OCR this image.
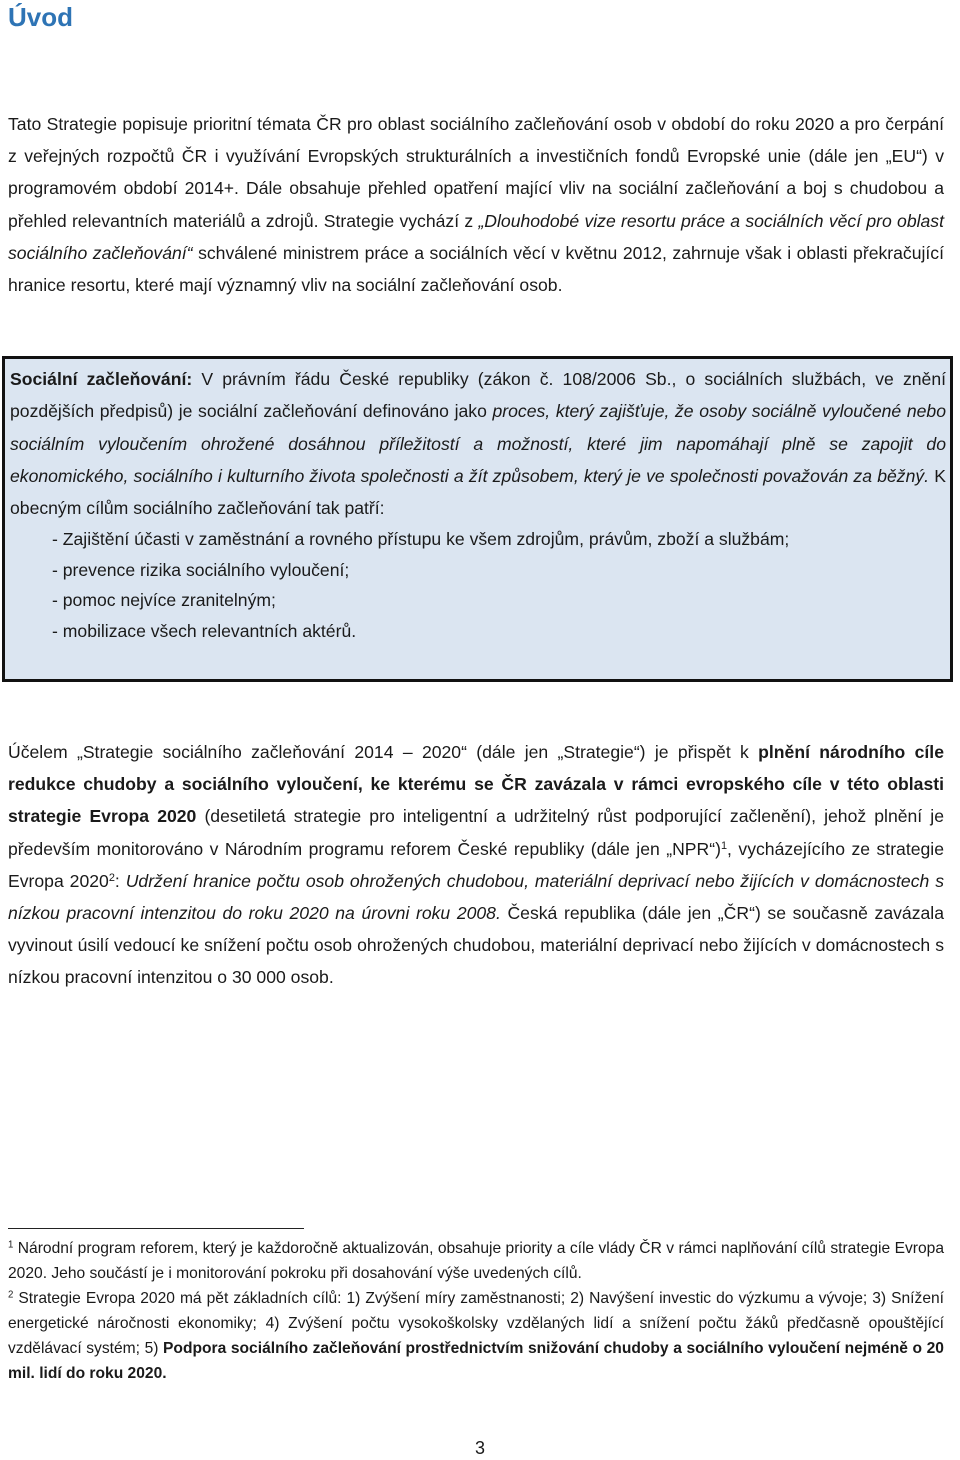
Úvod

Tato Strategie popisuje prioritní témata ČR pro oblast sociálního začleňování osob v období do roku 2020 a pro čerpání z veřejných rozpočtů ČR i využívání Evropských strukturálních a investičních fondů Evropské unie (dále jen „EU“) v programovém období 2014+. Dále obsahuje přehled opatření mající vliv na sociální začleňování a boj s chudobou a přehled relevantních materiálů a zdrojů. Strategie vychází z „Dlouhodobé vize resortu práce a sociálních věcí pro oblast sociálního začleňování“ schválené ministrem práce a sociálních věcí v květnu 2012, zahrnuje však i oblasti překračující hranice resortu, které mají významný vliv na sociální začleňování osob.

Sociální začleňování: V právním řádu České republiky (zákon č. 108/2006 Sb., o sociálních službách, ve znění pozdějších předpisů) je sociální začleňování definováno jako proces, který zajišťuje, že osoby sociálně vyloučené nebo sociálním vyloučením ohrožené dosáhnou příležitostí a možností, které jim napomáhají plně se zapojit do ekonomického, sociálního i kulturního života společnosti a žít způsobem, který je ve společnosti považován za běžný. K obecným cílům sociálního začleňování tak patří:

- Zajištění účasti v zaměstnání a rovného přístupu ke všem zdrojům, právům, zboží a službám;
- prevence rizika sociálního vyloučení;
- pomoc nejvíce zranitelným;
- mobilizace všech relevantních aktérů.

Účelem „Strategie sociálního začleňování 2014 – 2020“ (dále jen „Strategie“) je přispět k plnění národního cíle redukce chudoby a sociálního vyloučení, ke kterému se ČR zavázala v rámci evropského cíle v této oblasti strategie Evropa 2020 (desetiletá strategie pro inteligentní a udržitelný růst podporující začlenění), jehož plnění je především monitorováno v Národním programu reforem České republiky (dále jen „NPR“)$^1$, vycházejícího ze strategie Evropa 2020$^2$: Udržení hranice počtu osob ohrožených chudobou, materiální deprivací nebo žijících v domácnostech s nízkou pracovní intenzitou do roku 2020 na úrovni roku 2008. Česká republika (dále jen „ČR“) se současně zavázala vyvinout úsilí vedoucí ke snížení počtu osob ohrožených chudobou, materiální deprivací nebo žijících v domácnostech s nízkou pracovní intenzitou o 30 000 osob.

$^1$ Národní program reforem, který je každoročně aktualizován, obsahuje priority a cíle vlády ČR v rámci naplňování cílů strategie Evropa 2020. Jeho součástí je i monitorování pokroku při dosahování výše uvedených cílů.

$^2$ Strategie Evropa 2020 má pět základních cílů: 1) Zvýšení míry zaměstnanosti; 2) Navýšení investic do výzkumu a vývoje; 3) Snížení energetické náročnosti ekonomiky; 4) Zvýšení počtu vysokoškolsky vzdělaných lidí a snížení počtu žáků předčasně opouštějící vzdělávací systém; 5) Podpora sociálního začleňování prostřednictvím snižování chudoby a sociálního vyloučení nejméně o 20 mil. lidí do roku 2020.

3
